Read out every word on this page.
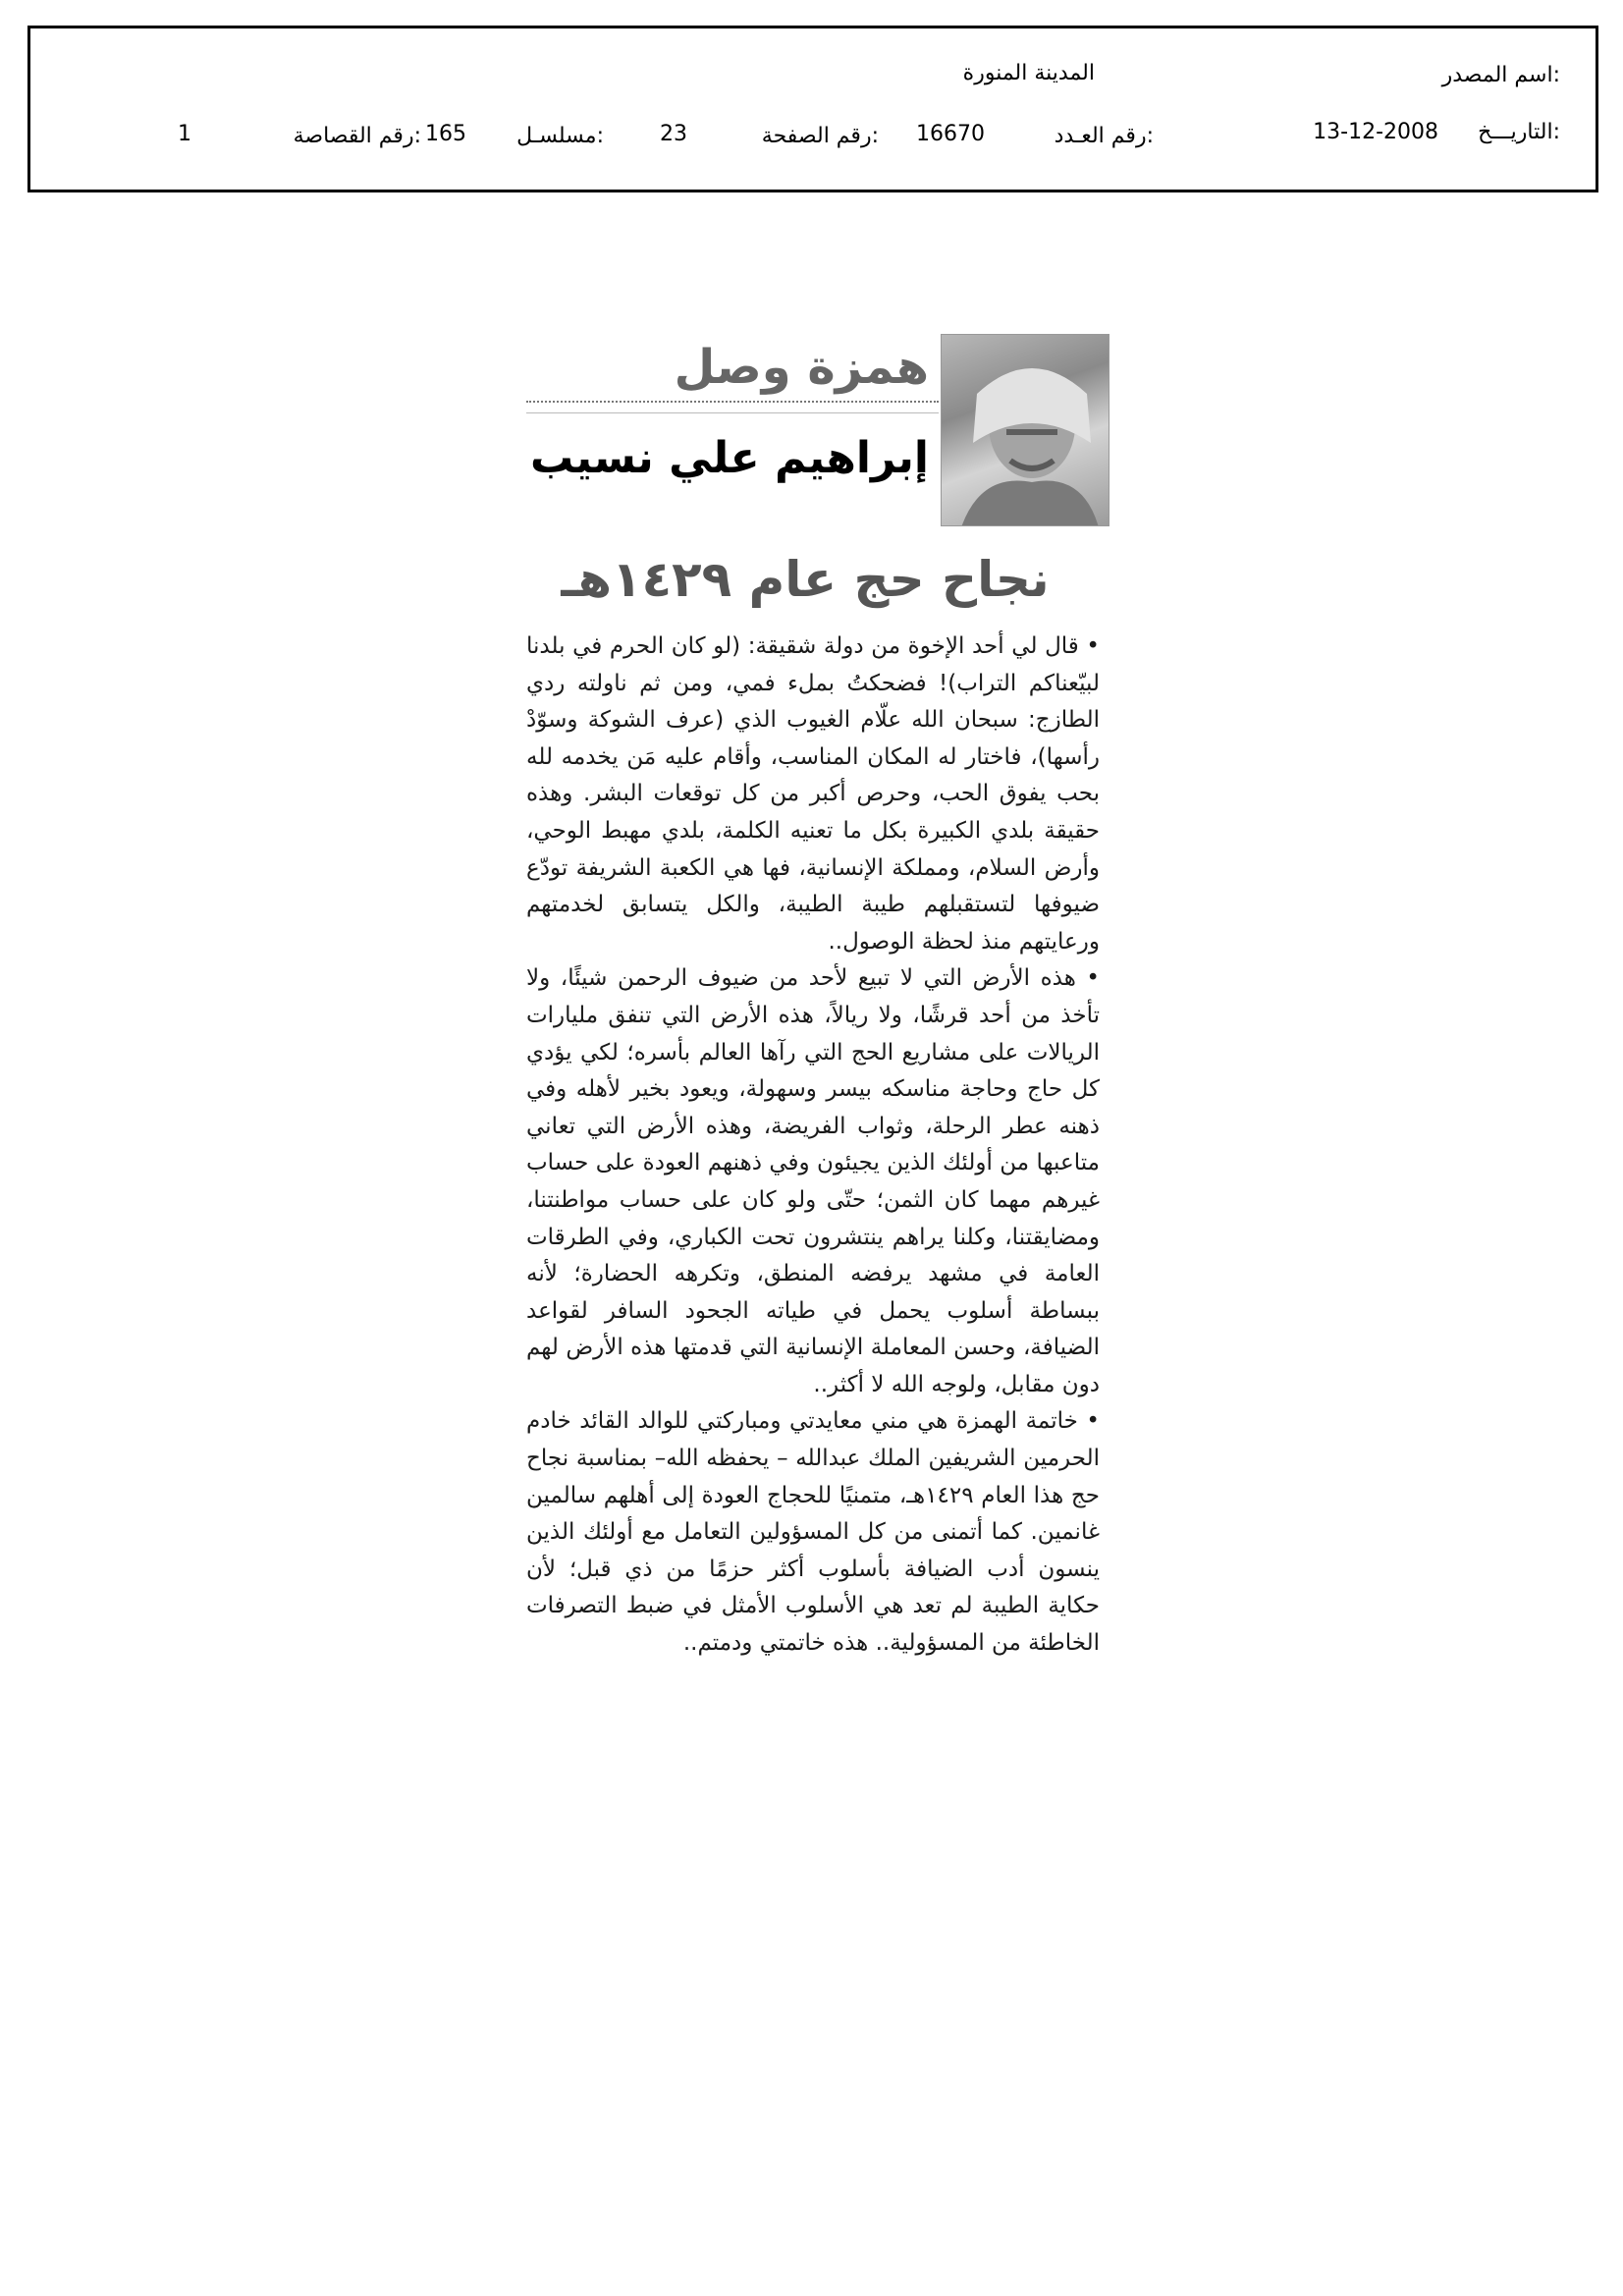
اسم المصدر:
المدينة المنورة
التاريـــخ:
13-12-2008
رقم العـدد:
16670
رقم الصفحة:
23
مسلسـل:
165
رقم القصاصة:
1
همزة وصل
إبراهيم علي نسيب
نجاح حج عام ١٤٢٩هـ

• قال لي أحد الإخوة من دولة شقيقة: (لو كان الحرم في بلدنا لبيّعناكم التراب)! فضحكتُ بملء فمي، ومن ثم ناولته ردي الطازج: سبحان الله علّام الغيوب الذي (عرف الشوكة وسوّدْ رأسها)، فاختار له المكان المناسب، وأقام عليه مَن يخدمه لله بحب يفوق الحب، وحرص أكبر من كل توقعات البشر. وهذه حقيقة بلدي الكبيرة بكل ما تعنيه الكلمة، بلدي مهبط الوحي، وأرض السلام، ومملكة الإنسانية، فها هي الكعبة الشريفة تودّع ضيوفها لتستقبلهم طيبة الطيبة، والكل يتسابق لخدمتهم ورعايتهم منذ لحظة الوصول..

• هذه الأرض التي لا تبيع لأحد من ضيوف الرحمن شيئًا، ولا تأخذ من أحد قرشًا، ولا ريالاً، هذه الأرض التي تنفق مليارات الريالات على مشاريع الحج التي رآها العالم بأسره؛ لكي يؤدي كل حاج وحاجة مناسكه بيسر وسهولة، ويعود بخير لأهله وفي ذهنه عطر الرحلة، وثواب الفريضة، وهذه الأرض التي تعاني متاعبها من أولئك الذين يجيئون وفي ذهنهم العودة على حساب غيرهم مهما كان الثمن؛ حتّى ولو كان على حساب مواطنتنا، ومضايقتنا، وكلنا يراهم ينتشرون تحت الكباري، وفي الطرقات العامة في مشهد يرفضه المنطق، وتكرهه الحضارة؛ لأنه ببساطة أسلوب يحمل في طياته الجحود السافر لقواعد الضيافة، وحسن المعاملة الإنسانية التي قدمتها هذه الأرض لهم دون مقابل، ولوجه الله لا أكثر..

• خاتمة الهمزة هي مني معايدتي ومباركتي للوالد القائد خادم الحرمين الشريفين الملك عبدالله – يحفظه الله– بمناسبة نجاح حج هذا العام ١٤٢٩هـ، متمنيًا للحجاج العودة إلى أهلهم سالمين غانمين. كما أتمنى من كل المسؤولين التعامل مع أولئك الذين ينسون أدب الضيافة بأسلوب أكثر حزمًا من ذي قبل؛ لأن حكاية الطيبة لم تعد هي الأسلوب الأمثل في ضبط التصرفات الخاطئة من المسؤولية.. هذه خاتمتي ودمتم..
